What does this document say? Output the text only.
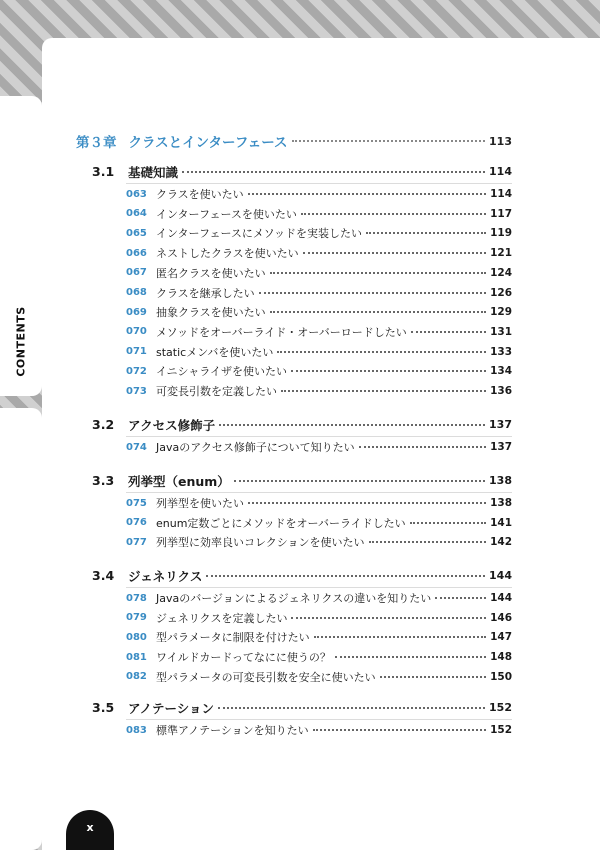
CONTENTS
第３章 クラスとインターフェース	113
3.1	基礎知識	114
063 クラスを使いたい	114
064 インターフェースを使いたい	117
065 インターフェースにメソッドを実装したい	119
066 ネストしたクラスを使いたい	121
067 匿名クラスを使いたい	124
068 クラスを継承したい	126
069 抽象クラスを使いたい	129
070 メソッドをオーバーライド・オーバーロードしたい	131
071 staticメンバを使いたい	133
072 イニシャライザを使いたい	134
073 可変長引数を定義したい	136
3.2	アクセス修飾子	137
074 Javaのアクセス修飾子について知りたい	137
3.3	列挙型（enum）	138
075 列挙型を使いたい	138
076 enum定数ごとにメソッドをオーバーライドしたい	141
077 列挙型に効率良いコレクションを使いたい	142
3.4	ジェネリクス	144
078 Javaのバージョンによるジェネリクスの違いを知りたい	144
079 ジェネリクスを定義したい	146
080 型パラメータに制限を付けたい	147
081 ワイルドカードってなにに使うの？	148
082 型パラメータの可変長引数を安全に使いたい	150
3.5	アノテーション	152
083 標準アノテーションを知りたい	152
x
